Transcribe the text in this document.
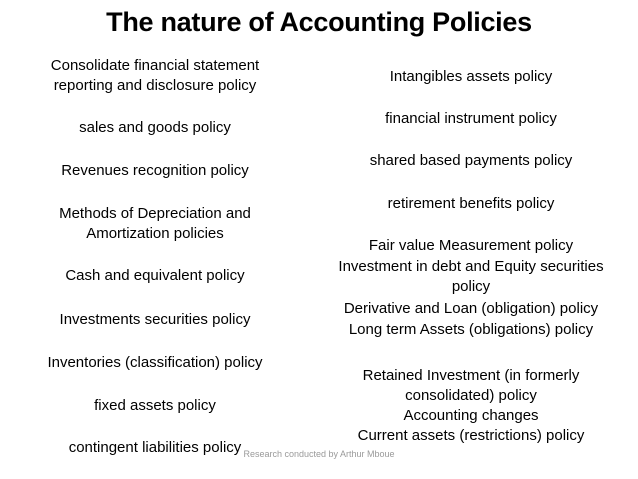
The nature of Accounting Policies
Consolidate financial statement
reporting and disclosure policy
sales and goods policy
Revenues recognition policy
Methods of Depreciation and
Amortization policies
Cash and equivalent policy
Investments securities policy
Inventories (classification) policy
fixed assets policy
contingent liabilities policy
Intangibles assets policy
financial instrument policy
shared based payments policy
retirement benefits policy
Fair value Measurement policy
Investment in debt and Equity securities
policy
Derivative and Loan (obligation) policy
Long term Assets (obligations) policy
Retained Investment (in formerly
consolidated) policy
Accounting changes
Current assets (restrictions) policy
Research conducted by Arthur Mboue
